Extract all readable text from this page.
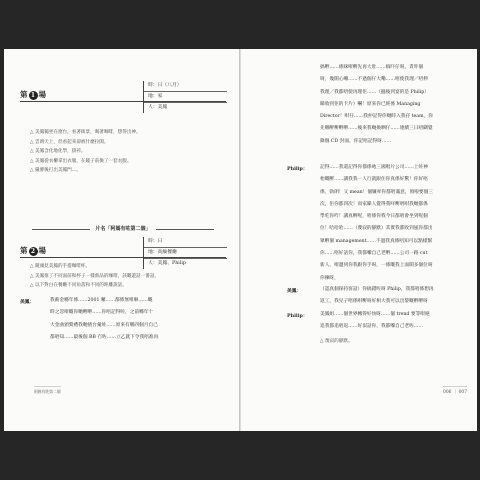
第 1 場
時：日（八月）
地：家
人：美鳳
△ 美鳳獨坐在窗台，看著街景，喝著咖啡，想得出神。
△ 雲朗天上，但看起來卻被什麼拉開。
△ 美鳳含化地化學，掛衫。
△ 美鳳從衣櫃拿出衣服，在鏡子前換了一套衣服。
△ 嚴審後打出美鳳門…。
片名「阿媽有咗第二個」
第 2 場
時：日
地：高級餐廳
人：美鳳、Philip
△ 鏡頭見美鳳的手提咖啡杯。
△ 美鳳推了不同面前和杯子一樣新品的咖啡，該嘅遊話一番話。
△ 以下對白在餐廳不同角落和不同的距離說話。
美鳳：	我薪金喺年係……2001 囉……都係無咁咻……嘅
時之忽咁嘅你哋嘢嘢……你唔記得咗，之前喺年十
大金曲頒獎禮我哋揸台彙咗……原來有喺四個月自己
都唔知……最後個 BB 冇咗……立乙就下令我唔准再
阿媽有咗第二個
搞嘢……係咪咁嘢先再大肚……搞吓仔呀，責吓個
呀，幾開心囉……不過個仔大嘞……唔使我理／唔伸
我理／我都唔使再理佢……（搵後到宴的是 Philip）
睇收到佢的卡片）嚇！原來你已經係 Managing
Director！咁仔……我仲記得你哋時入我孖 team，你
先喺嘢嘢嘢嘢……後來我哋換晒仔……連續三日唔瞓覺
錄個 CD 封面，你記唔記得呀……
Philip：	記得……我還記得你都係吔三國唱片公司……上咗神
枱嘅嘢……講我我一人行就跟住你真係好驚！你好唔
係，勁朗！又 mean！個嫌咩你都唔滿意，預啦要個三
次，佢你都四次！而家睇人覺得我咩嘢唔咁我哋都係
學吃你咋！講真嘢呢，唔係你我今日都唔會坐到呢個
位！哈哈哈……（蔑寂的靜默）其實我都收到風你都出
眾嘢個 management……不過我真係唔知可以點樣幫
你……唔好話你，我都嚟自己老嘢……公司一路 cut
新人，咁邊到你我跟你手呀，一係嘅我上面開多個位呀
你揀呀，
美鳳：	（認真個探持客話）你搞錯咗呀 Philip，我都唔係想再
返工，我兒子唔係咁嘢呀好相大我可以出黎嘅嘢嘢呀
Philip：	美鳳姐……個世界轉得好快呀……個 trend 要等咁絕
追我都追唔返……好似話你，我都嚟自己老咗……
△ 蔑寂的靜默。
006 ｜ 007
